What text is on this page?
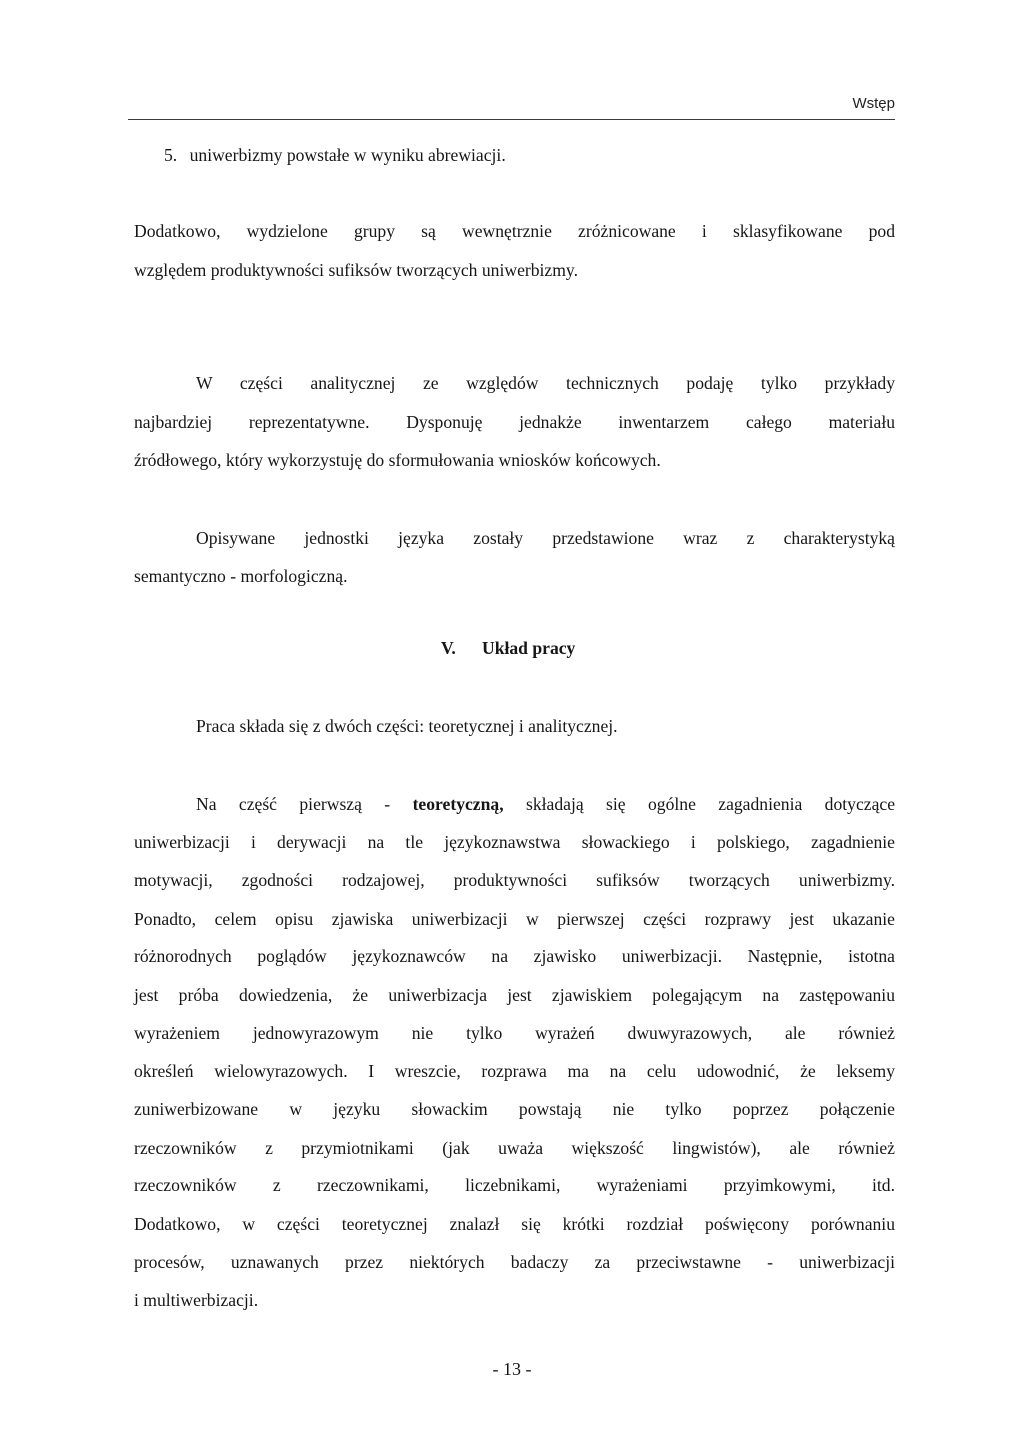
Wstęp
5. uniwerbizmy powstałe w wyniku abrewiacji.
Dodatkowo, wydzielone grupy są wewnętrznie zróżnicowane i sklasyfikowane pod
względem produktywności sufiksów tworzących uniwerbizmy.
W części analitycznej ze względów technicznych podaję tylko przykłady
najbardziej reprezentatywne. Dysponuję jednakże inwentarzem całego materiału
źródłowego, który wykorzystuję do sformułowania wniosków końcowych.
Opisywane jednostki języka zostały przedstawione wraz z charakterystyką
semantyczno - morfologiczną.
V. Układ pracy
Praca składa się z dwóch części: teoretycznej i analitycznej.
Na część pierwszą - teoretyczną, składają się ogólne zagadnienia dotyczące
uniwerbizacji i derywacji na tle językoznawstwa słowackiego i polskiego, zagadnienie
motywacji, zgodności rodzajowej, produktywności sufiksów tworzących uniwerbizmy.
Ponadto, celem opisu zjawiska uniwerbizacji w pierwszej części rozprawy jest ukazanie
różnorodnych poglądów językoznawców na zjawisko uniwerbizacji. Następnie, istotna
jest próba dowiedzenia, że uniwerbizacja jest zjawiskiem polegającym na zastępowaniu
wyrażeniem jednowyrazowym nie tylko wyrażeń dwuwyrazowych, ale również
określeń wielowyrazowych. I wreszcie, rozprawa ma na celu udowodnić, że leksemy
zuniwerbizowane w języku słowackim powstają nie tylko poprzez połączenie
rzeczowników z przymiotnikami (jak uważa większość lingwistów), ale również
rzeczowników z rzeczownikami, liczebnikami, wyrażeniami przyimkowymi, itd.
Dodatkowo, w części teoretycznej znalazł się krótki rozdział poświęcony porównaniu
procesów, uznawanych przez niektórych badaczy za przeciwstawne - uniwerbizacji
i multiwerbizacji.
- 13 -
